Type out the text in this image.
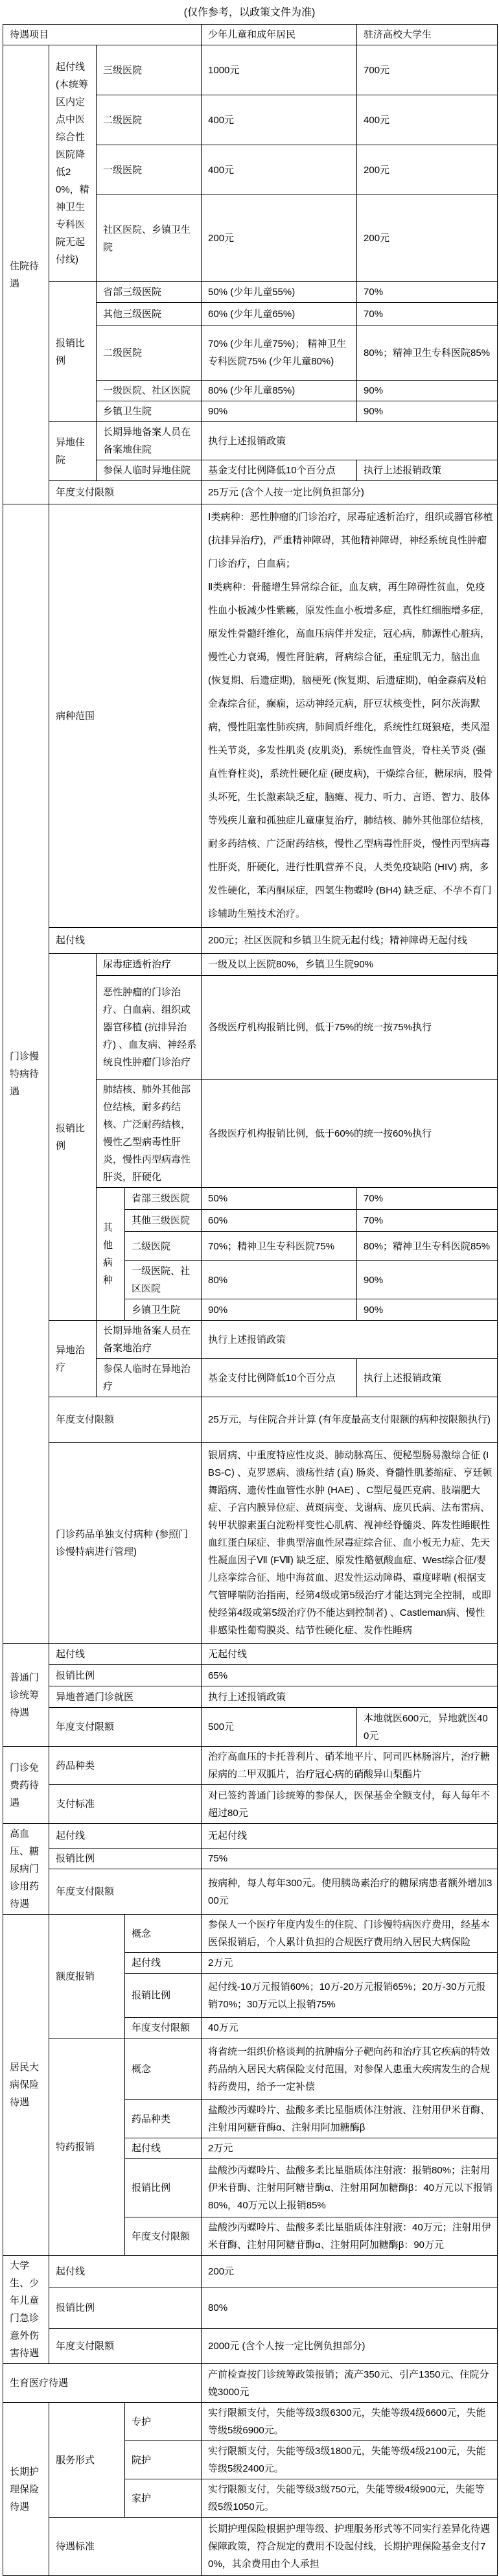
(仅作参考，以政策文件为准)
待遇项目				少年儿童和成年居民	驻济高校大学生
住院待遇	起付线(本统筹区内定点中医综合性医院降低20%，精神卫生专科医院无起付线)	三级医院		1000元	700元
		二级医院		400元	400元
		一级医院		400元	200元
		社区医院、乡镇卫生院		200元	200元
	报销比例	省部三级医院		50% (少年儿童55%)	70%
		其他三级医院		60% (少年儿童65%)	70%
		二级医院		70% (少年儿童75%)； 精神卫生专科医院75% (少年儿童80%)	80%；精神卫生专科医院85%
		一级医院、社区医院		80% (少年儿童85%)	90%
		乡镇卫生院		90%	90%
	异地住院	长期异地备案人员在备案地住院		执行上述报销政策	
		参保人临时异地住院		基金支付比例降低10个百分点	执行上述报销政策
	年度支付限额			25万元 (含个人按一定比例负担部分)	
门诊慢特病待遇	病种范围			Ⅰ类病种：恶性肿瘤的门诊治疗，尿毒症透析治疗，组织或器官移植(抗排异治疗)，严重精神障碍，其他精神障碍，神经系统良性肿瘤门诊治疗，白血病；
Ⅱ类病种：骨髓增生异常综合征，血友病，再生障碍性贫血，免疫性血小板减少性紫癜，原发性血小板增多症，真性红细胞增多症，原发性骨髓纤维化，高血压病伴并发症，冠心病，肺源性心脏病，慢性心力衰竭，慢性肾脏病，肾病综合征，重症肌无力，脑出血 (恢复期、后遗症期)，脑梗死 (恢复期、后遗症期)，帕金森病及帕金森综合征，癫痫，运动神经元病，肝豆状核变性，阿尔茨海默病，慢性阻塞性肺疾病，肺间质纤维化，系统性红斑狼疮，类风湿性关节炎，多发性肌炎 (皮肌炎)，系统性血管炎，脊柱关节炎 (强直性脊柱炎)，系统性硬化症 (硬皮病)，干燥综合征，糖尿病，股骨头坏死，生长激素缺乏症，脑瘫、视力、听力、言语、智力、肢体等残疾儿童和孤独症儿童康复治疗，肺结核、肺外其他部位结核，耐多药结核、广泛耐药结核，慢性乙型病毒性肝炎，慢性丙型病毒性肝炎，肝硬化，进行性肌营养不良，人类免疫缺陷 (HIV) 病，多发性硬化，苯丙酮尿症，四氢生物蝶呤 (BH4) 缺乏症、不孕不育门诊辅助生殖技术治疗。	

	起付线			200元；社区医院和乡镇卫生院无起付线；精神障碍无起付线	
	报销比例	尿毒症透析治疗		一级及以上医院80%，乡镇卫生院90%	
		恶性肿瘤的门诊治疗、白血病、组织或器官移植 (抗排异治疗) 、血友病、神经系统良性肿瘤门诊治疗		各级医疗机构报销比例，低于75%的统一按75%执行	
		肺结核、肺外其他部位结核，耐多药结核、广泛耐药结核，慢性乙型病毒性肝炎，慢性丙型病毒性肝炎，肝硬化		各级医疗机构报销比例，低于60%的统一按60%执行	
		其他病种	省部三级医院	50%	70%
			其他三级医院	60%	70%
			二级医院	70%；精神卫生专科医院75%	80%；精神卫生专科医院85%
			一级医院、社区医院	80%	90%
			乡镇卫生院	90%	90%
	异地治疗	长期异地备案人员在备案地治疗		执行上述报销政策	
		参保人临时在异地治疗		基金支付比例降低10个百分点	执行上述报销政策
	年度支付限额			25万元，与住院合并计算 (有年度最高支付限额的病种按限额执行)	
	门诊药品单独支付病种 (参照门诊慢特病进行管理)			银屑病、中重度特应性皮炎、肺动脉高压、便秘型肠易激综合征 (IBS-C) 、克罗恩病、溃疡性结 (直) 肠炎、脊髓性肌萎缩症、亨廷顿舞蹈病、遗传性血管性水肿 (HAE) 、C型尼曼匹克病、肢端肥大症、子宫内膜异位症、黄斑病变、戈谢病、庞贝氏病、法布雷病、转甲状腺素蛋白淀粉样变性心肌病、视神经脊髓炎、阵发性睡眠性血红蛋白尿症、非典型溶血性尿毒症综合征、血小板无力症、先天性凝血因子Ⅶ (FⅦ) 缺乏症、原发性酪氨酸血症、West综合征/婴儿痉挛综合征、地中海贫血、迟发性运动障碍、重度哮喘 (根据支气管哮喘防治指南，经第4级或第5级治疗才能达到完全控制，或即使经第4级或第5级治疗仍不能达到控制者) 、Castleman病、慢性非感染性葡萄膜炎、结节性硬化症、发作性睡病	
普通门诊统筹待遇	起付线			无起付线	
	报销比例			65%	
	异地普通门诊就医			执行上述报销政策	
	年度支付限额			500元	本地就医600元，异地就医400元
门诊免费药待遇	药品种类			治疗高血压的卡托普利片、硝苯地平片、阿司匹林肠溶片，治疗糖尿病的二甲双胍片，治疗冠心病的硝酸异山梨酯片	
	支付标准			对已签约普通门诊统筹的参保人，医保基金全额支付，每人每年不超过80元	
高血压、糖尿病门诊用药待遇	起付线			无起付线	
	报销比例			75%	
	年度支付限额			按病种，每人每年300元。使用胰岛素治疗的糖尿病患者额外增加300元	
居民大病保险待遇	额度报销		概念	参保人一个医疗年度内发生的住院、门诊慢特病医疗费用，经基本医保报销后，个人累计负担的合规医疗费用纳入居民大病保险	
			起付线	2万元	
			报销比例	起付线-10万元报销60%；10万-20万元报销65%；20万-30万元报销70%；30万元以上报销75%	
			年度支付限额	40万元	
	特药报销		概念	将省统一组织价格谈判的抗肿瘤分子靶向药和治疗其它疾病的特效药品纳入居民大病保险支付范围，对参保人患重大疾病发生的合规特药费用，给予一定补偿	
			药品种类	盐酸沙丙蝶呤片、盐酸多柔比星脂质体注射液、注射用伊米苷酶、注射用阿糖苷酶α、注射用阿加糖酶β	
			起付线	2万元	
			报销比例	盐酸沙丙蝶呤片、盐酸多柔比星脂质体注射液：报销80%；注射用伊米苷酶、注射用阿糖苷酶α、注射用阿加糖酶β：40万元以下报销80%，40万元以上报销85%	
			年度支付限额	盐酸沙丙蝶呤片、盐酸多柔比星脂质体注射液：40万元；注射用伊米苷酶、注射用阿糖苷酶α、注射用阿加糖酶β：90万元	
大学生、少年儿童门急诊意外伤害待遇	起付线			200元	
	报销比例			80%	
	年度支付限额			2000元 (含个人按一定比例负担部分)	
生育医疗待遇				产前检查按门诊统筹政策报销；流产350元、引产1350元、住院分娩3000元	
长期护理保险待遇	服务形式		专护	实行限额支付，失能等级3级6300元，失能等级4级6600元，失能等级5级6900元。	
			院护	实行限额支付，失能等级3级1800元，失能等级4级2100元，失能等级5级2400元。	
			家护	实行限额支付，失能等级3级750元，失能等级4级900元，失能等级5级1050元。	
	待遇标准			长期护理保险根据护理等级、护理服务形式等不同实行差异化待遇保障政策，符合规定的费用不设起付线，长期护理保险基金支付70%，其余费用由个人承担	
